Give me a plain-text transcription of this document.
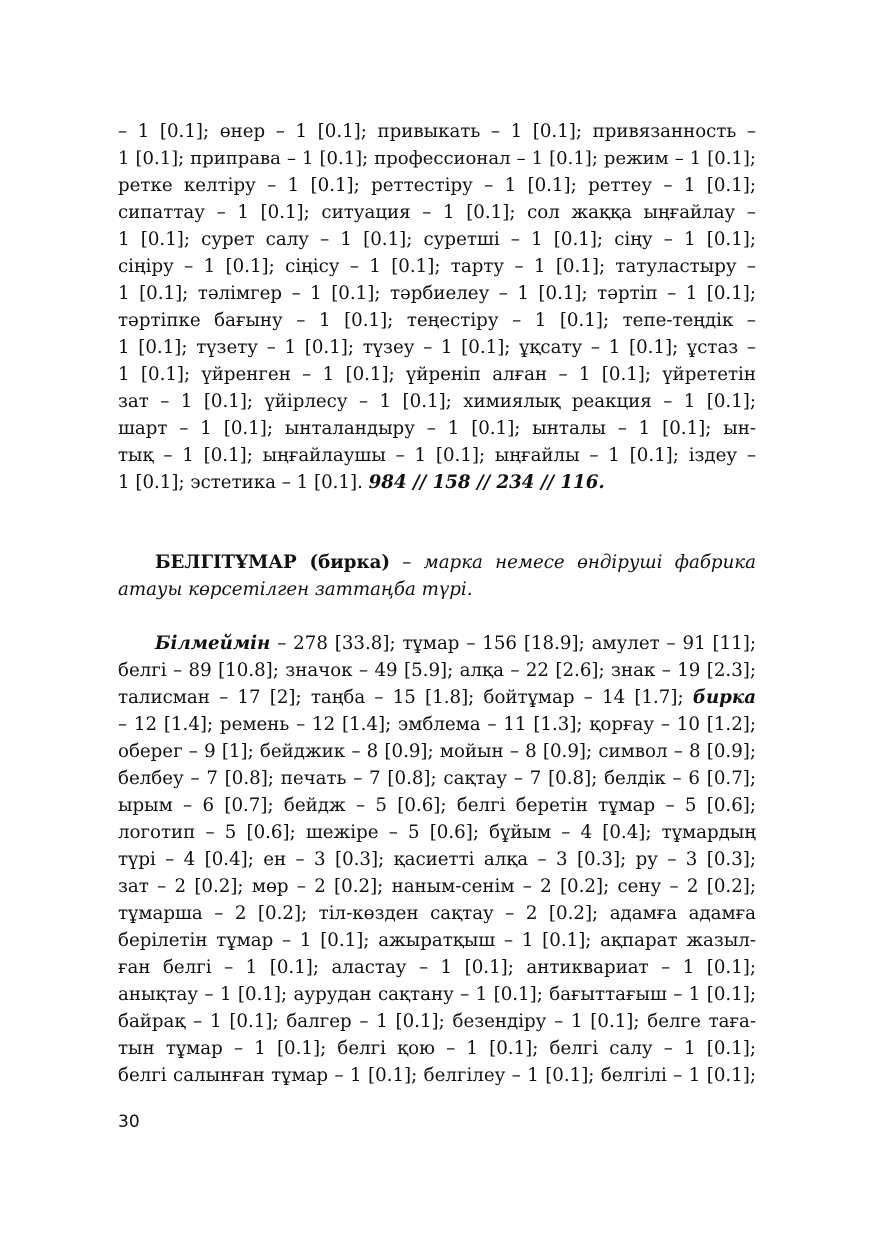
– 1 [0.1]; өнер – 1 [0.1]; привыкать – 1 [0.1]; привязанность –
1 [0.1]; приправа – 1 [0.1]; профессионал – 1 [0.1]; режим – 1 [0.1];
ретке келтіру – 1 [0.1]; реттестіру – 1 [0.1]; реттеу – 1 [0.1];
сипаттау – 1 [0.1]; ситуация – 1 [0.1]; сол жаққа ыңғайлау –
1 [0.1]; сурет салу – 1 [0.1]; суретші – 1 [0.1]; сіңу – 1 [0.1];
сіңіру – 1 [0.1]; сіңісу – 1 [0.1]; тарту – 1 [0.1]; татуластыру –
1 [0.1]; тәлімгер – 1 [0.1]; тәрбиелеу – 1 [0.1]; тәртіп – 1 [0.1];
тәртіпке бағыну – 1 [0.1]; теңестіру – 1 [0.1]; тепе-теңдік –
1 [0.1]; түзету – 1 [0.1]; түзеу – 1 [0.1]; ұқсату – 1 [0.1]; ұстаз –
1 [0.1]; үйренген – 1 [0.1]; үйреніп алған – 1 [0.1]; үйрететін
зат – 1 [0.1]; үйірлесу – 1 [0.1]; химиялық реакция – 1 [0.1];
шарт – 1 [0.1]; ынталандыру – 1 [0.1]; ынталы – 1 [0.1]; ын-
тық – 1 [0.1]; ыңғайлаушы – 1 [0.1]; ыңғайлы – 1 [0.1]; іздеу –
1 [0.1]; эстетика – 1 [0.1]. 984 // 158 // 234 // 116.
БЕЛГІТҰМАР (бирка) – марка немесе өндіруші фабрика
атауы көрсетілген заттаңба түрі.
Білмеймін – 278 [33.8]; тұмар – 156 [18.9]; амулет – 91 [11];
белгі – 89 [10.8]; значок – 49 [5.9]; алқа – 22 [2.6]; знак – 19 [2.3];
талисман – 17 [2]; таңба – 15 [1.8]; бойтұмар – 14 [1.7]; бирка
– 12 [1.4]; ремень – 12 [1.4]; эмблема – 11 [1.3]; қорғау – 10 [1.2];
оберег – 9 [1]; бейджик – 8 [0.9]; мойын – 8 [0.9]; символ – 8 [0.9];
белбеу – 7 [0.8]; печать – 7 [0.8]; сақтау – 7 [0.8]; белдік – 6 [0.7];
ырым – 6 [0.7]; бейдж – 5 [0.6]; белгі беретін тұмар – 5 [0.6];
логотип – 5 [0.6]; шежіре – 5 [0.6]; бұйым – 4 [0.4]; тұмардың
түрі – 4 [0.4]; ен – 3 [0.3]; қасиетті алқа – 3 [0.3]; ру – 3 [0.3];
зат – 2 [0.2]; мөр – 2 [0.2]; наным-сенім – 2 [0.2]; сену – 2 [0.2];
тұмарша – 2 [0.2]; тіл-көзден сақтау – 2 [0.2]; адамға адамға
берілетін тұмар – 1 [0.1]; ажыратқыш – 1 [0.1]; ақпарат жазыл-
ған белгі – 1 [0.1]; аластау – 1 [0.1]; антиквариат – 1 [0.1];
анықтау – 1 [0.1]; аурудан сақтану – 1 [0.1]; бағыттағыш – 1 [0.1];
байрақ – 1 [0.1]; балгер – 1 [0.1]; безендіру – 1 [0.1]; белге таға-
тын тұмар – 1 [0.1]; белгі қою – 1 [0.1]; белгі салу – 1 [0.1];
белгі салынған тұмар – 1 [0.1]; белгілеу – 1 [0.1]; белгілі – 1 [0.1];
30
